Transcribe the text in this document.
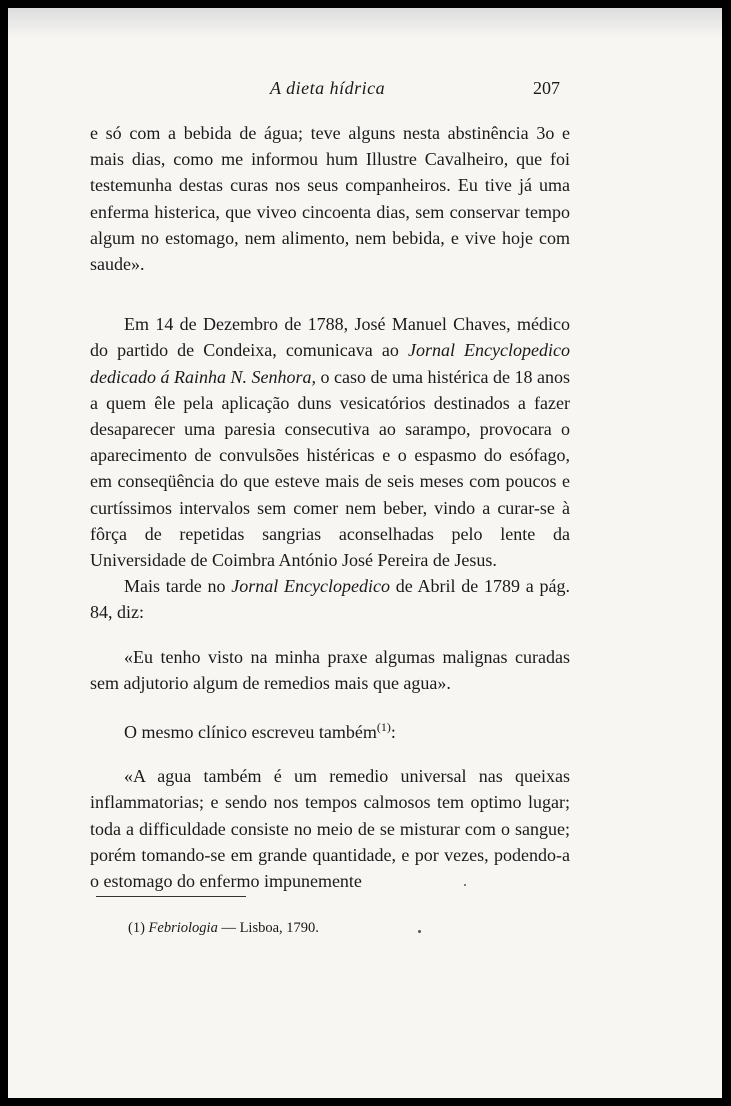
A dieta hídrica	207

e só com a bebida de água; teve alguns nesta abstinência 3o e mais dias, como me informou hum Illustre Cavalheiro, que foi testemunha destas curas nos seus companheiros. Eu tive já uma enferma histerica, que viveo cincoenta dias, sem conservar tempo algum no estomago, nem alimento, nem bebida, e vive hoje com saude».

Em 14 de Dezembro de 1788, José Manuel Chaves, médico do partido de Condeixa, comunicava ao Jornal Encyclopedico dedicado á Rainha N. Senhora, o caso de uma histérica de 18 anos a quem êle pela aplicação duns vesicatórios destinados a fazer desaparecer uma paresia consecutiva ao sarampo, provocara o aparecimento de convulsões histéricas e o espasmo do esófago, em conseqüência do que esteve mais de seis meses com poucos e curtíssimos intervalos sem comer nem beber, vindo a curar-se à fôrça de repetidas sangrias aconselhadas pelo lente da Universidade de Coimbra António José Pereira de Jesus.

Mais tarde no Jornal Encyclopedico de Abril de 1789 a pág. 84, diz:

«Eu tenho visto na minha praxe algumas malignas curadas sem adjutorio algum de remedios mais que agua».

O mesmo clínico escreveu também$^{(1)}$:

«A agua também é um remedio universal nas queixas inflammatorias; e sendo nos tempos calmosos tem optimo lugar; toda a difficuldade consiste no meio de se misturar com o sangue; porém tomando-se em grande quantidade, e por vezes, podendo-a o estomago do enfermo impunemente

(1) Febriologia — Lisboa, 1790.
